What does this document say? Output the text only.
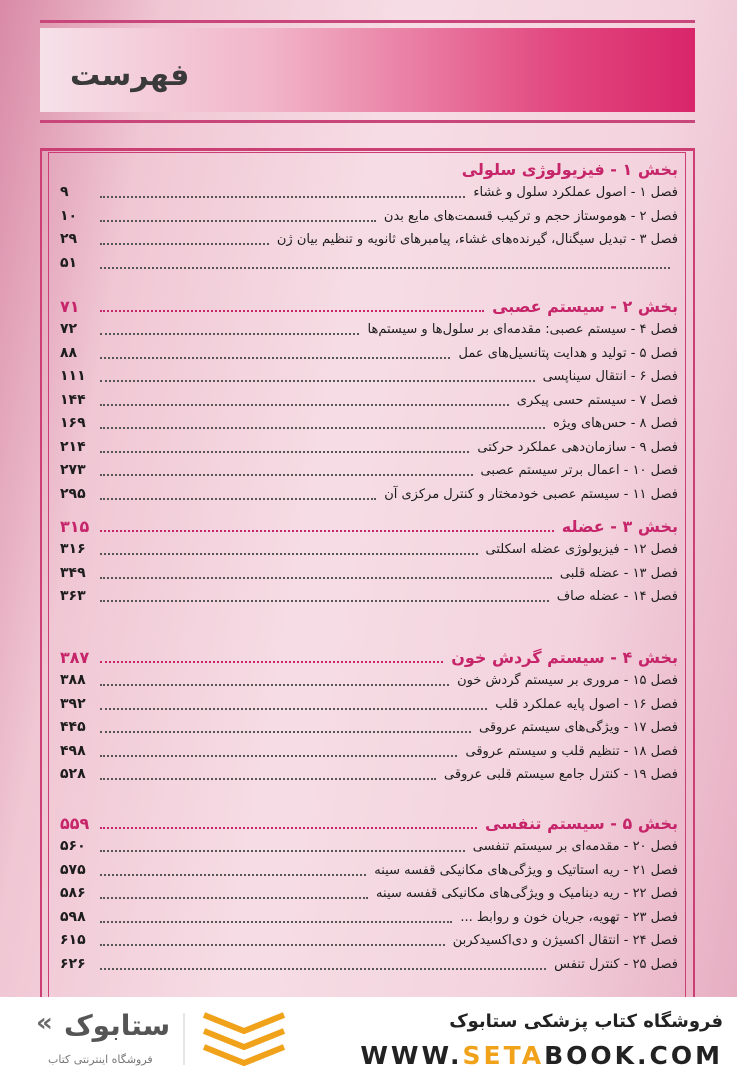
فهرست
بخش ۱ - فیزیولوژی سلولی
فصل ۱ - اصول عملکرد سلول و غشاء
۹
فصل ۲ - هوموستاز حجم و ترکیب قسمت‌های مایع بدن
۱۰
فصل ۳ - تبدیل سیگنال، گیرنده‌های غشاء، پیامبرهای ثانویه و تنظیم بیان ژن
۲۹
۵۱
بخش ۲ - سیستم عصبی
۷۱
فصل ۴ - سیستم عصبی: مقدمه‌ای بر سلول‌ها و سیستم‌ها
۷۲
فصل ۵ - تولید و هدایت پتانسیل‌های عمل
۸۸
فصل ۶ - انتقال سیناپسی
۱۱۱
فصل ۷ - سیستم حسی پیکری
۱۴۴
فصل ۸ - حس‌های ویژه
۱۶۹
فصل ۹ - سازمان‌دهی عملکرد حرکتی
۲۱۴
فصل ۱۰ - اعمال برتر سیستم عصبی
۲۷۳
فصل ۱۱ - سیستم عصبی خودمختار و کنترل مرکزی آن
۲۹۵
بخش ۳ - عضله
۳۱۵
فصل ۱۲ - فیزیولوژی عضله اسکلتی
۳۱۶
فصل ۱۳ - عضله قلبی
۳۴۹
فصل ۱۴ - عضله صاف
۳۶۳
بخش ۴ - سیستم گردش خون
۳۸۷
فصل ۱۵ - مروری بر سیستم گردش خون
۳۸۸
فصل ۱۶ - اصول پایه عملکرد قلب
۳۹۲
فصل ۱۷ - ویژگی‌های سیستم عروقی
۴۴۵
فصل ۱۸ - تنظیم قلب و سیستم عروقی
۴۹۸
فصل ۱۹ - کنترل جامع سیستم قلبی عروقی
۵۲۸
بخش ۵ - سیستم تنفسی
۵۵۹
فصل ۲۰ - مقدمه‌ای بر سیستم تنفسی
۵۶۰
فصل ۲۱ - ریه استاتیک و ویژگی‌های مکانیکی قفسه سینه
۵۷۵
فصل ۲۲ - ریه دینامیک و ویژگی‌های مکانیکی قفسه سینه
۵۸۶
فصل ۲۳ - تهویه، جریان خون و روابط ...
۵۹۸
فصل ۲۴ - انتقال اکسیژن و دی‌اکسیدکربن
۶۱۵
فصل ۲۵ - کنترل تنفس
۶۲۶
« ستابوک
فروشگاه اینترنتی کتاب
فروشگاه کتاب پزشکی ستابوک
WWW.SETABOOK.COM
